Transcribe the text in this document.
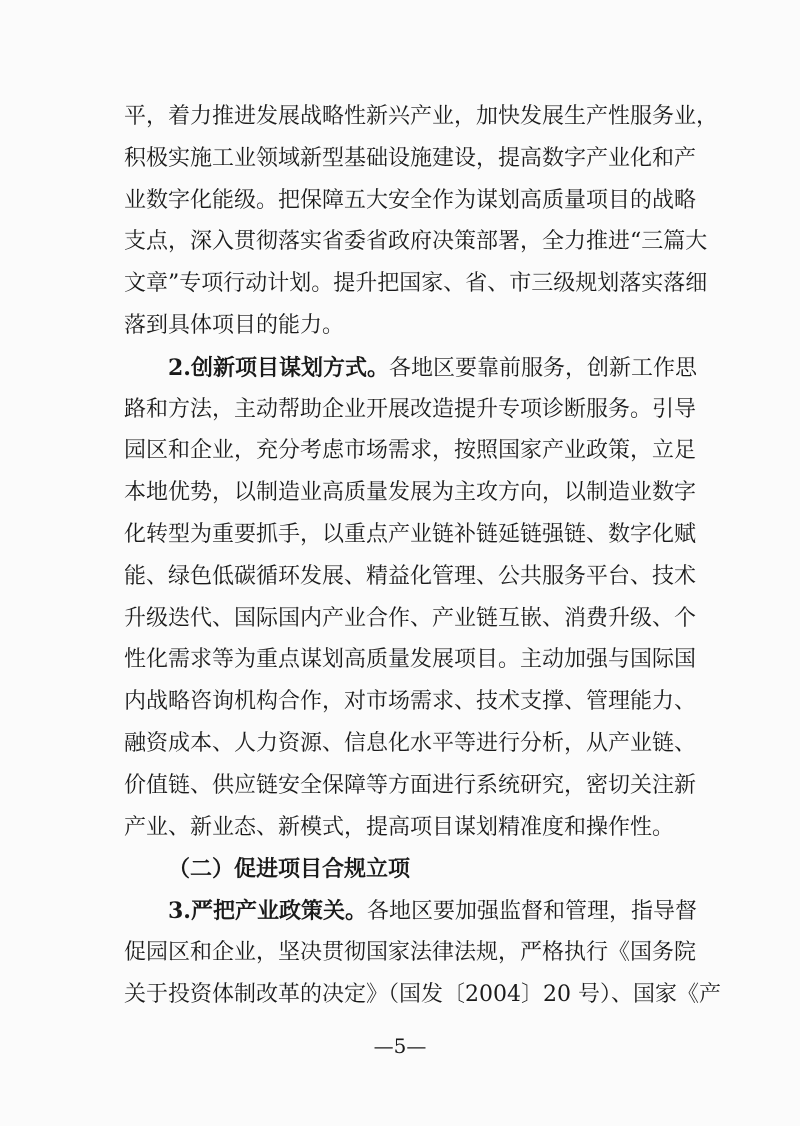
平，着力推进发展战略性新兴产业，加快发展生产性服务业，
积极实施工业领域新型基础设施建设，提高数字产业化和产
业数字化能级。把保障五大安全作为谋划高质量项目的战略
支点，深入贯彻落实省委省政府决策部署，全力推进“三篇大
文章”专项行动计划。提升把国家、省、市三级规划落实落细
落到具体项目的能力。
2.创新项目谋划方式。各地区要靠前服务，创新工作思
路和方法，主动帮助企业开展改造提升专项诊断服务。引导
园区和企业，充分考虑市场需求，按照国家产业政策，立足
本地优势，以制造业高质量发展为主攻方向，以制造业数字
化转型为重要抓手，以重点产业链补链延链强链、数字化赋
能、绿色低碳循环发展、精益化管理、公共服务平台、技术
升级迭代、国际国内产业合作、产业链互嵌、消费升级、个
性化需求等为重点谋划高质量发展项目。主动加强与国际国
内战略咨询机构合作，对市场需求、技术支撑、管理能力、
融资成本、人力资源、信息化水平等进行分析，从产业链、
价值链、供应链安全保障等方面进行系统研究，密切关注新
产业、新业态、新模式，提高项目谋划精准度和操作性。
（二）促进项目合规立项
3.严把产业政策关。各地区要加强监督和管理，指导督
促园区和企业，坚决贯彻国家法律法规，严格执行《国务院
关于投资体制改革的决定》（国发〔2004〕20 号）、国家《产
—5—
